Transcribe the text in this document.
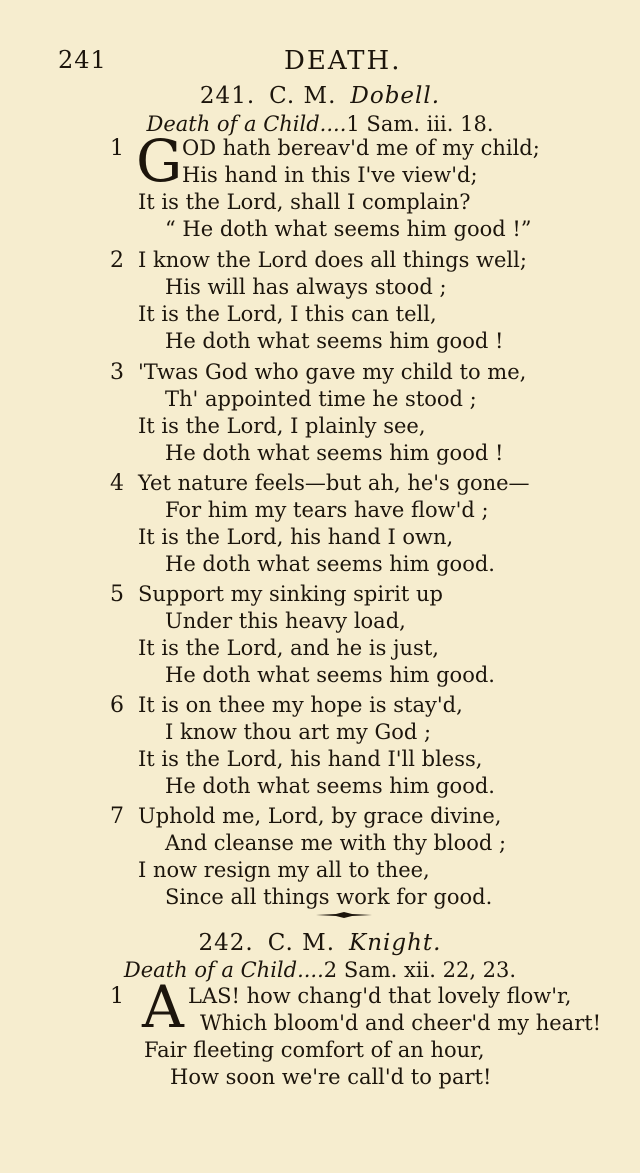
241	DEATH.
241. C. M. Dobell.
Death of a Child....1 Sam. iii. 18.
G
1	OD hath bereav'd me of my child;
His hand in this I've view'd;
It is the Lord, shall I complain?
“ He doth what seems him good !”
2 I know the Lord does all things well;
His will has always stood ;
It is the Lord, I this can tell,
He doth what seems him good !
3 'Twas God who gave my child to me,
Th' appointed time he stood ;
It is the Lord, I plainly see,
He doth what seems him good !
4 Yet nature feels—but ah, he's gone—
For him my tears have flow'd ;
It is the Lord, his hand I own,
He doth what seems him good.
5 Support my sinking spirit up
Under this heavy load,
It is the Lord, and he is just,
He doth what seems him good.
6 It is on thee my hope is stay'd,
I know thou art my God ;
It is the Lord, his hand I'll bless,
He doth what seems him good.
7 Uphold me, Lord, by grace divine,
And cleanse me with thy blood ;
I now resign my all to thee,
Since all things work for good.
242. C. M. Knight.
Death of a Child....2 Sam. xii. 22, 23.
A
1	LAS! how chang'd that lovely flow'r,
Which bloom'd and cheer'd my heart!
Fair fleeting comfort of an hour,
How soon we're call'd to part!
